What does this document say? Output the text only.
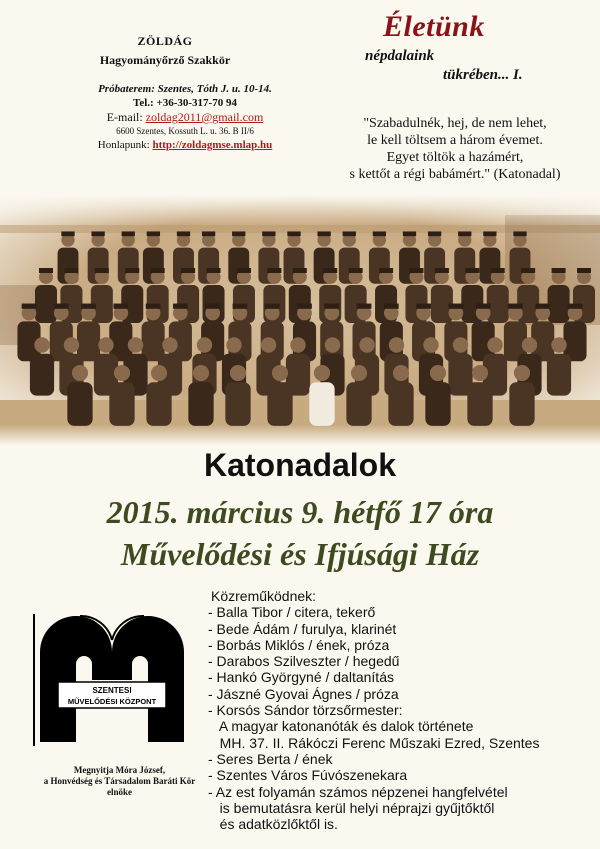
ZÖLDÁG
Hagyományőrző Szakkör
Próbaterem: Szentes, Tóth J. u. 10-14.
Tel.: +36-30-317-70 94
E-mail: zoldag2011@gmail.com
6600 Szentes, Kossuth L. u. 36. B II/6
Honlapunk: http://zoldagmse.mlap.hu
Életünk
népdalaink
tükrében... I.
"Szabadulnék, hej, de nem lehet,
le kell töltsem a három évemet.
Egyet töltök a hazámért,
s kettőt a régi babámért." (Katonadal)
Katonadalok
2015. március 9. hétfő 17 óra
Művelődési és Ifjúsági Ház
SZENTESI
MŰVELŐDÉSI KÖZPONT
Megnyitja Móra József,
a Honvédség és Társadalom Baráti Kör
elnöke
Közreműködnek:
- Balla Tibor / citera, tekerő
- Bede Ádám / furulya, klarinét
- Borbás Miklós / ének, próza
- Darabos Szilveszter / hegedű
- Hankó Györgyné / daltanítás
- Jászné Gyovai Ágnes / próza
- Korsós Sándor törzsőrmester:
A magyar katonanóták és dalok története
MH. 37. II. Rákóczi Ferenc Műszaki Ezred, Szentes
- Seres Berta / ének
- Szentes Város Fúvószenekara
- Az est folyamán számos népzenei hangfelvétel
is bemutatásra kerül helyi néprajzi gyűjtőktől
és adatközlőktől is.
